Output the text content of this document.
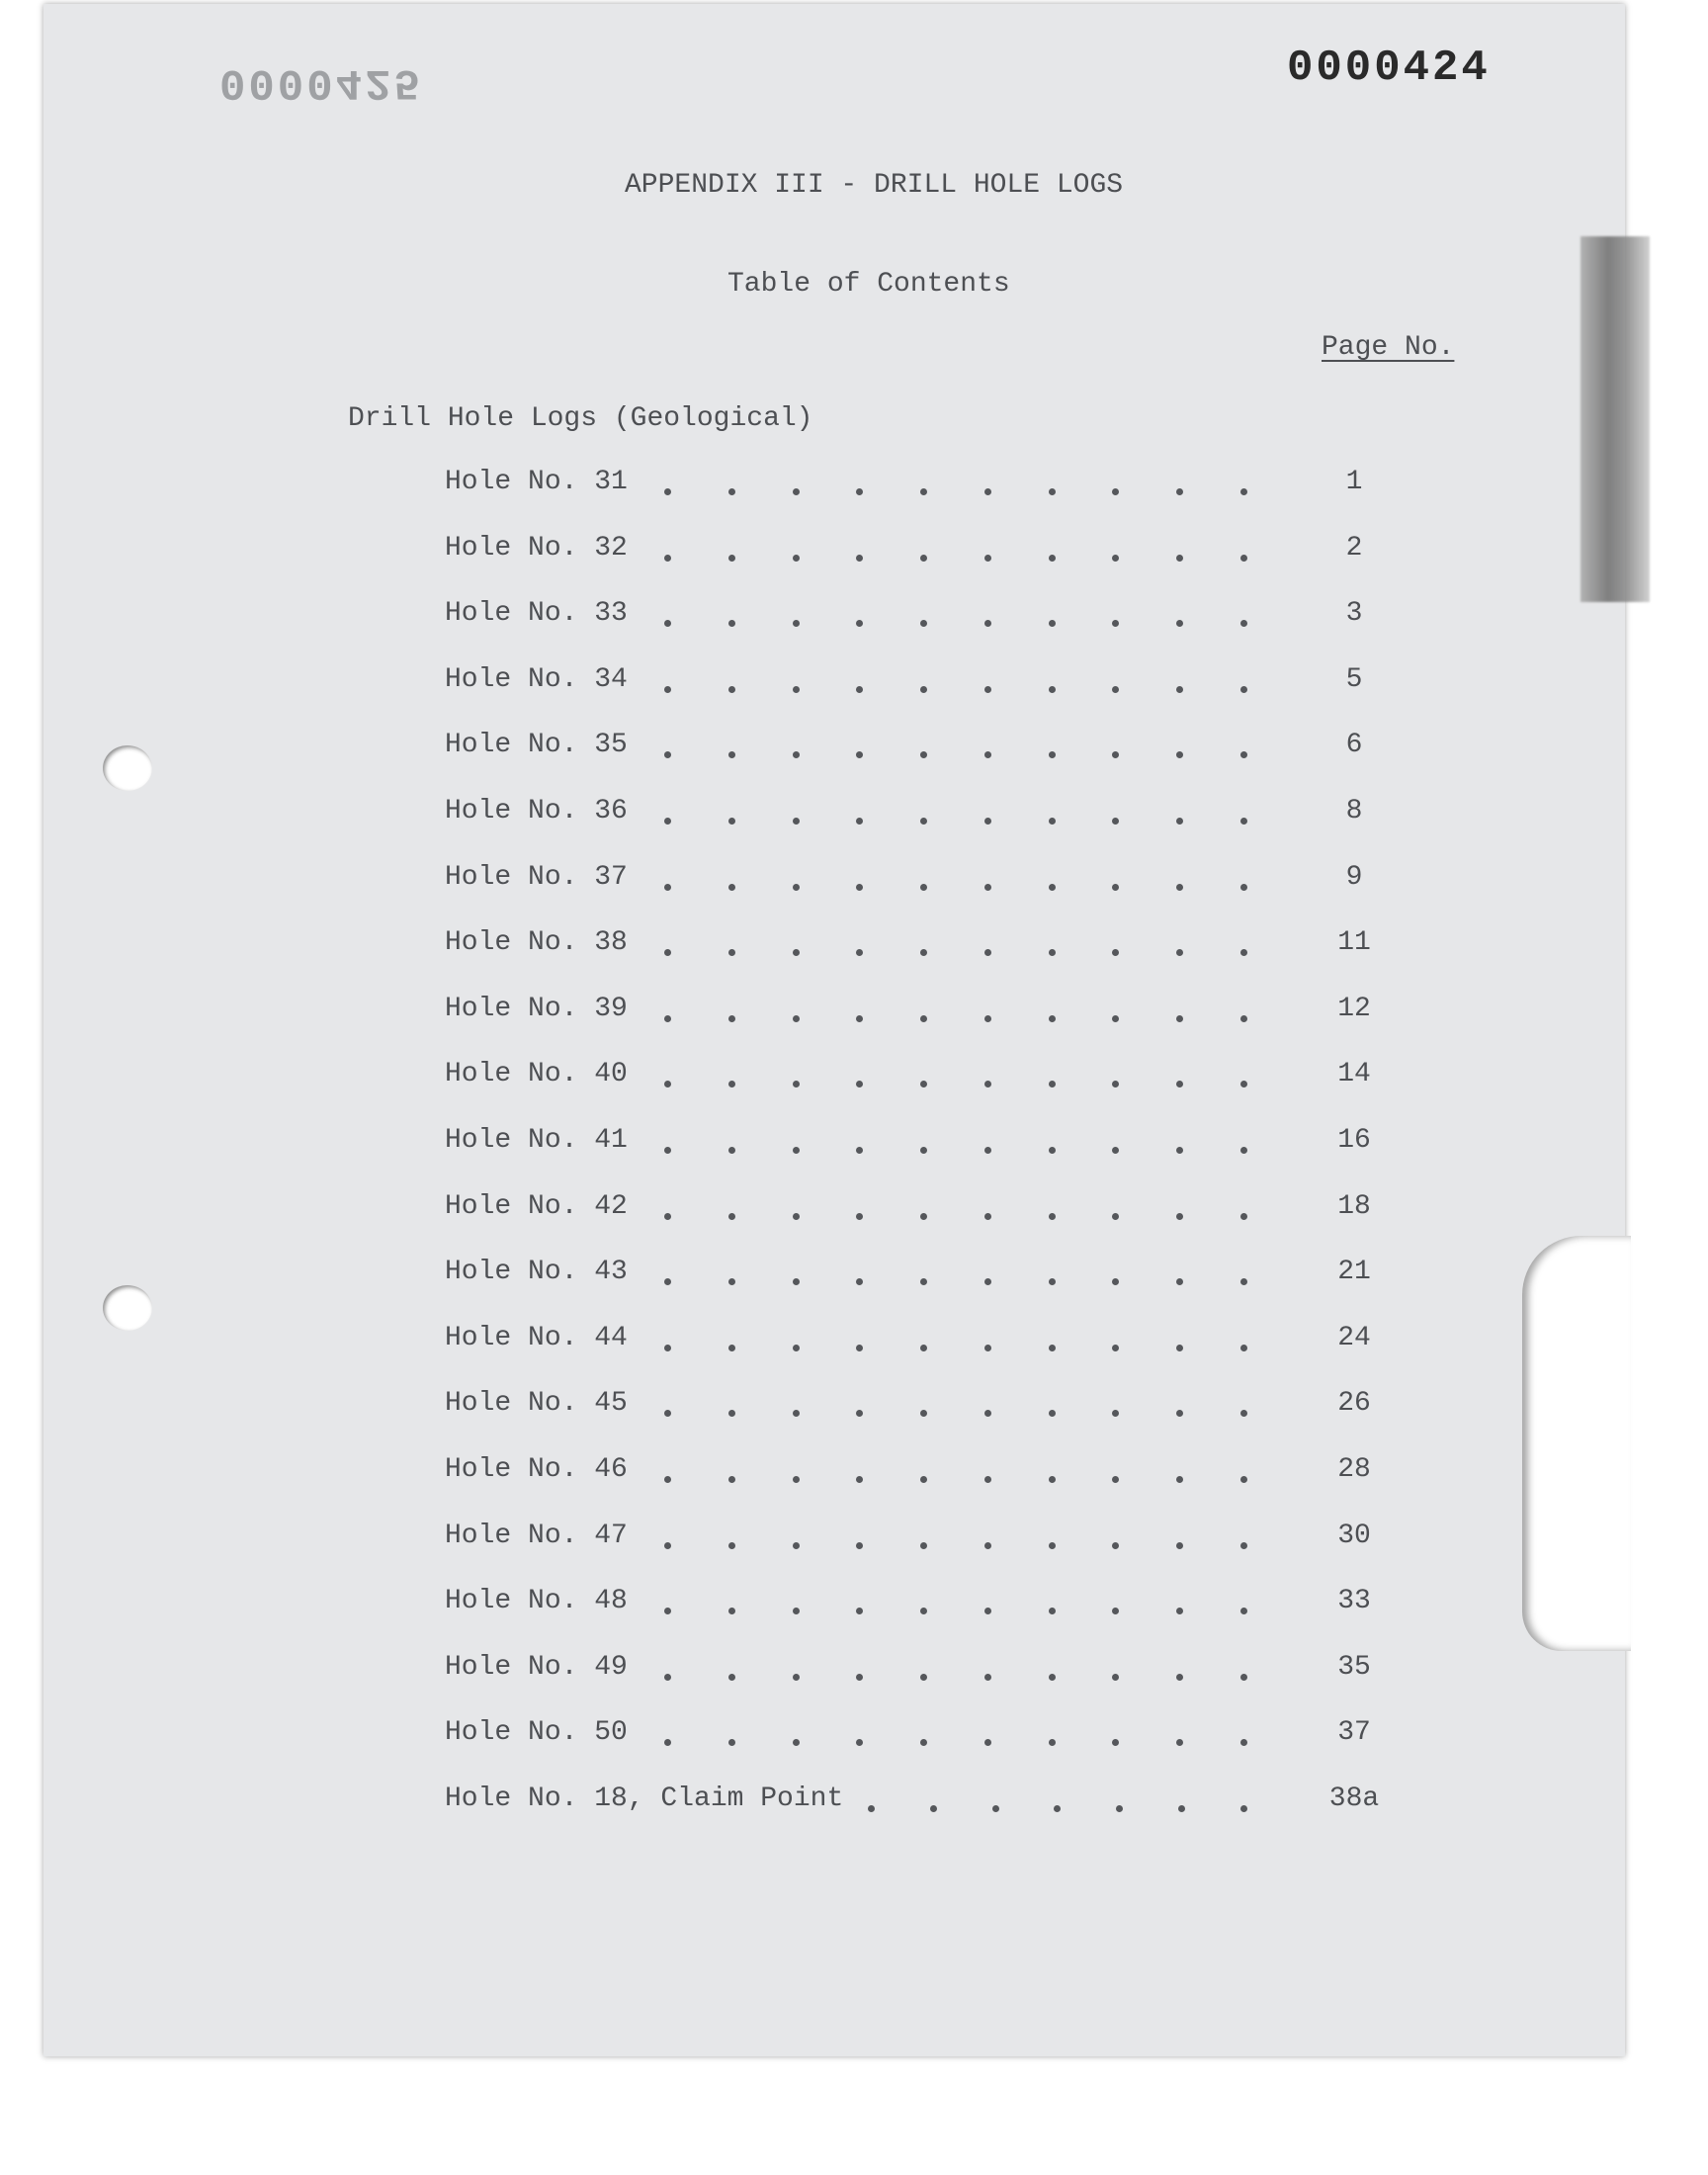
0000424
0000425
APPENDIX III - DRILL HOLE LOGS
Table of Contents
Page No.
Drill Hole Logs (Geological)
Hole No. 31	1
Hole No. 32	2
Hole No. 33	3
Hole No. 34	5
Hole No. 35	6
Hole No. 36	8
Hole No. 37	9
Hole No. 38	11
Hole No. 39	12
Hole No. 40	14
Hole No. 41	16
Hole No. 42	18
Hole No. 43	21
Hole No. 44	24
Hole No. 45	26
Hole No. 46	28
Hole No. 47	30
Hole No. 48	33
Hole No. 49	35
Hole No. 50	37
Hole No. 18, Claim Point	38a
